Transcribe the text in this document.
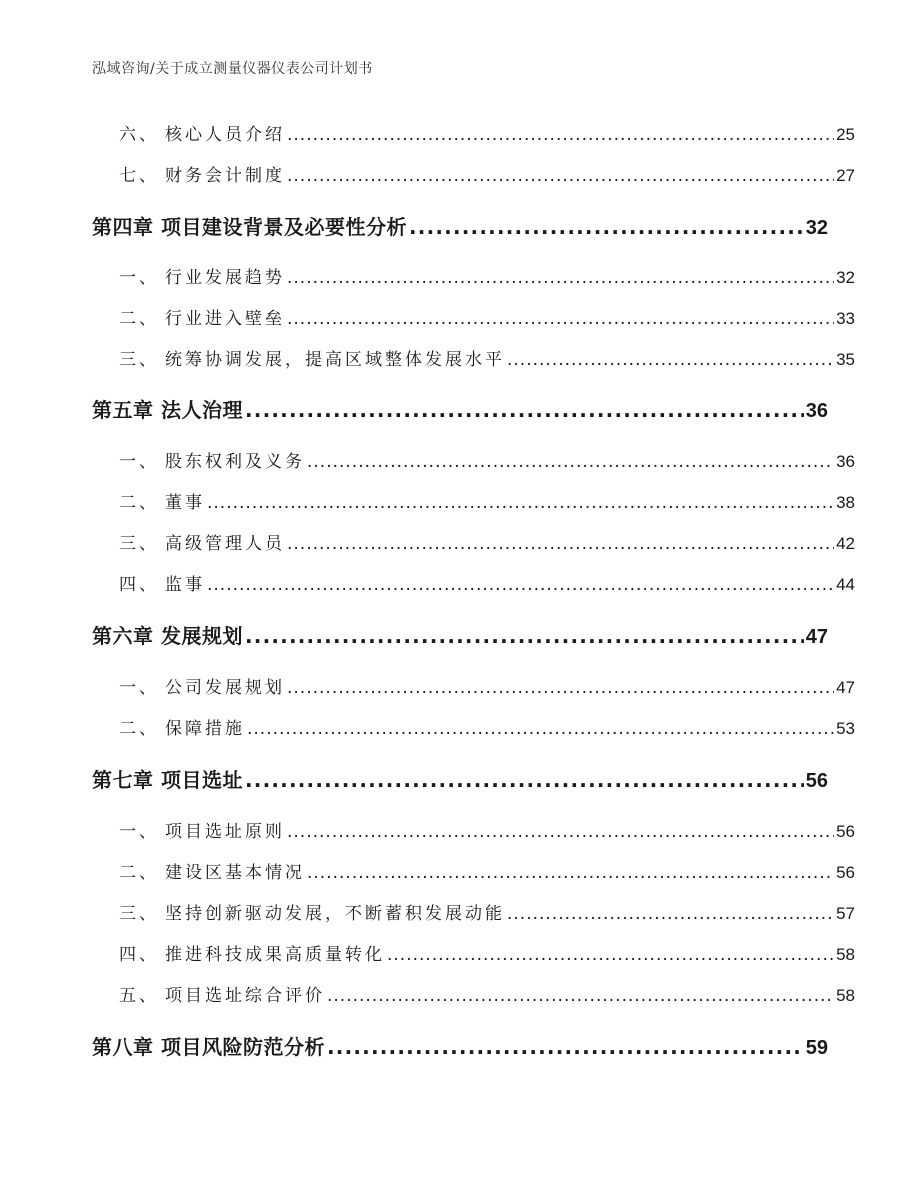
泓域咨询/关于成立测量仪器仪表公司计划书
六、 核心人员介绍 .....	25
七、 财务会计制度 .....	27
第四章 项目建设背景及必要性分析 .....	32
一、 行业发展趋势 .....	32
二、 行业进入壁垒 .....	33
三、 统筹协调发展，提高区域整体发展水平 .....	35
第五章 法人治理 .....	36
一、 股东权利及义务 .....	36
二、 董事 .....	38
三、 高级管理人员 .....	42
四、 监事 .....	44
第六章 发展规划 .....	47
一、 公司发展规划 .....	47
二、 保障措施 .....	53
第七章 项目选址 .....	56
一、 项目选址原则 .....	56
二、 建设区基本情况 .....	56
三、 坚持创新驱动发展，不断蓄积发展动能 .....	57
四、 推进科技成果高质量转化 .....	58
五、 项目选址综合评价 .....	58
第八章 项目风险防范分析 .....	59
